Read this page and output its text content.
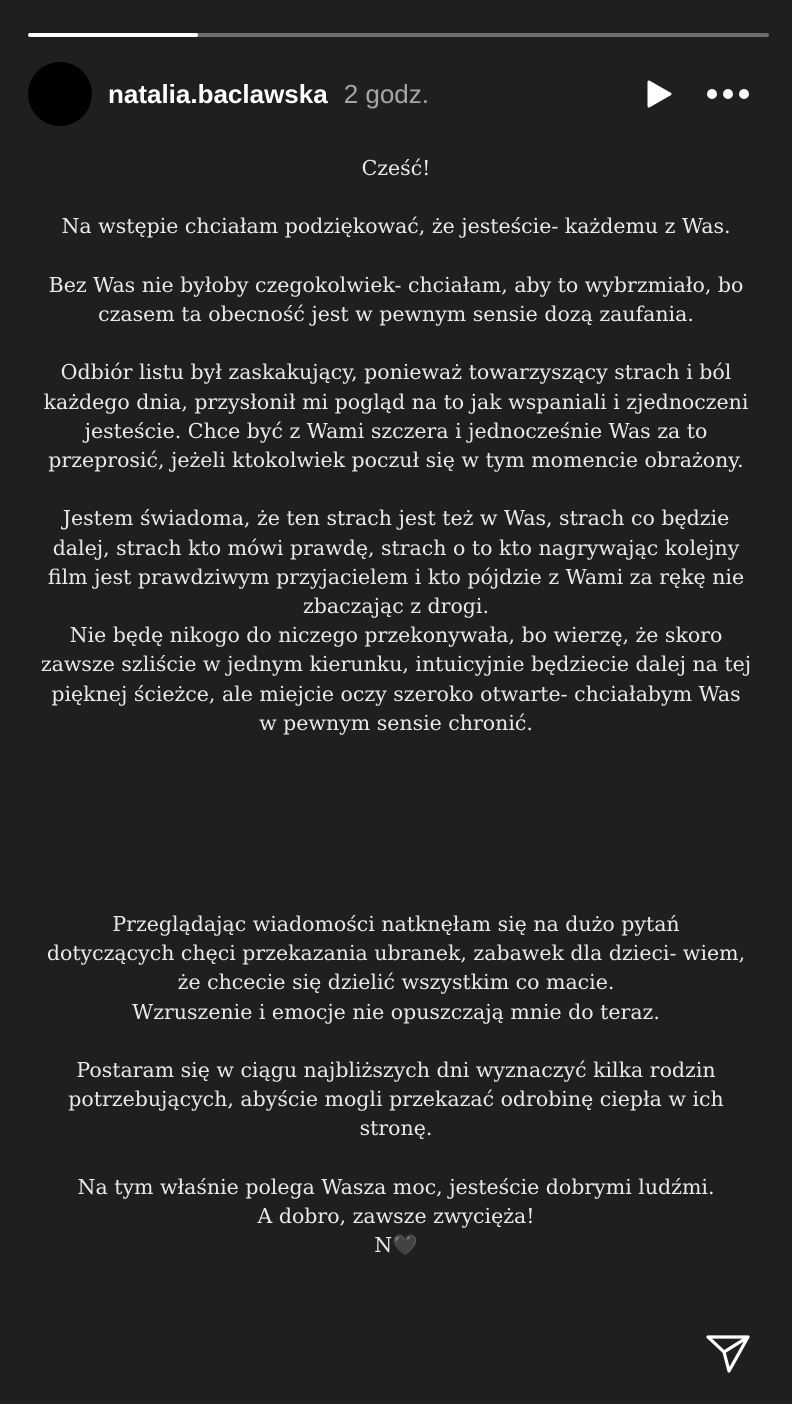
natalia.baclawska 2 godz.

Cześć!

Na wstępie chciałam podziękować, że jesteście- każdemu z Was.

Bez Was nie byłoby czegokolwiek- chciałam, aby to wybrzmiało, bo
czasem ta obecność jest w pewnym sensie dozą zaufania.

Odbiór listu był zaskakujący, ponieważ towarzyszący strach i ból
każdego dnia, przysłonił mi pogląd na to jak wspaniali i zjednoczeni
jesteście. Chce być z Wami szczera i jednocześnie Was za to
przeprosić, jeżeli ktokolwiek poczuł się w tym momencie obrażony.

Jestem świadoma, że ten strach jest też w Was, strach co będzie
dalej, strach kto mówi prawdę, strach o to kto nagrywając kolejny
film jest prawdziwym przyjacielem i kto pójdzie z Wami za rękę nie
zbaczając z drogi.
Nie będę nikogo do niczego przekonywała, bo wierzę, że skoro
zawsze szliście w jednym kierunku, intuicyjnie będziecie dalej na tej
pięknej ścieżce, ale miejcie oczy szeroko otwarte- chciałabym Was
w pewnym sensie chronić.

Przeglądając wiadomości natknęłam się na dużo pytań
dotyczących chęci przekazania ubranek, zabawek dla dzieci- wiem,
że chcecie się dzielić wszystkim co macie.
Wzruszenie i emocje nie opuszczają mnie do teraz.

Postaram się w ciągu najbliższych dni wyznaczyć kilka rodzin
potrzebujących, abyście mogli przekazać odrobinę ciepła w ich
stronę.

Na tym właśnie polega Wasza moc, jesteście dobrymi ludźmi.
A dobro, zawsze zwycięża!
N🖤
